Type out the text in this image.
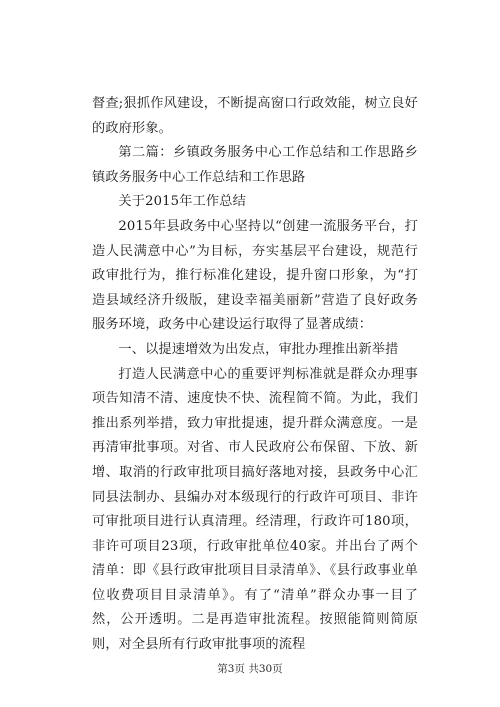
督查;狠抓作风建设，不断提高窗口行政效能，树立良好的政府形象。

第二篇：乡镇政务服务中心工作总结和工作思路乡镇政务服务中心工作总结和工作思路

关于2015年工作总结

2015年县政务中心坚持以“创建一流服务平台，打造人民满意中心”为目标，夯实基层平台建设，规范行政审批行为，推行标准化建设，提升窗口形象，为“打造县域经济升级版，建设幸福美丽新”营造了良好政务服务环境，政务中心建设运行取得了显著成绩：

一、以提速增效为出发点，审批办理推出新举措

打造人民满意中心的重要评判标准就是群众办理事项告知清不清、速度快不快、流程简不简。为此，我们推出系列举措，致力审批提速，提升群众满意度。一是再清审批事项。对省、市人民政府公布保留、下放、新增、取消的行政审批项目搞好落地对接，县政务中心汇同县法制办、县编办对本级现行的行政许可项目、非许可审批项目进行认真清理。经清理，行政许可180项，非许可项目23项，行政审批单位40家。并出台了两个清单：即《县行政审批项目目录清单》、《县行政事业单位收费项目目录清单》。有了“清单”群众办事一目了然，公开透明。二是再造审批流程。按照能简则简原则，对全县所有行政审批事项的流程

第3页 共30页
